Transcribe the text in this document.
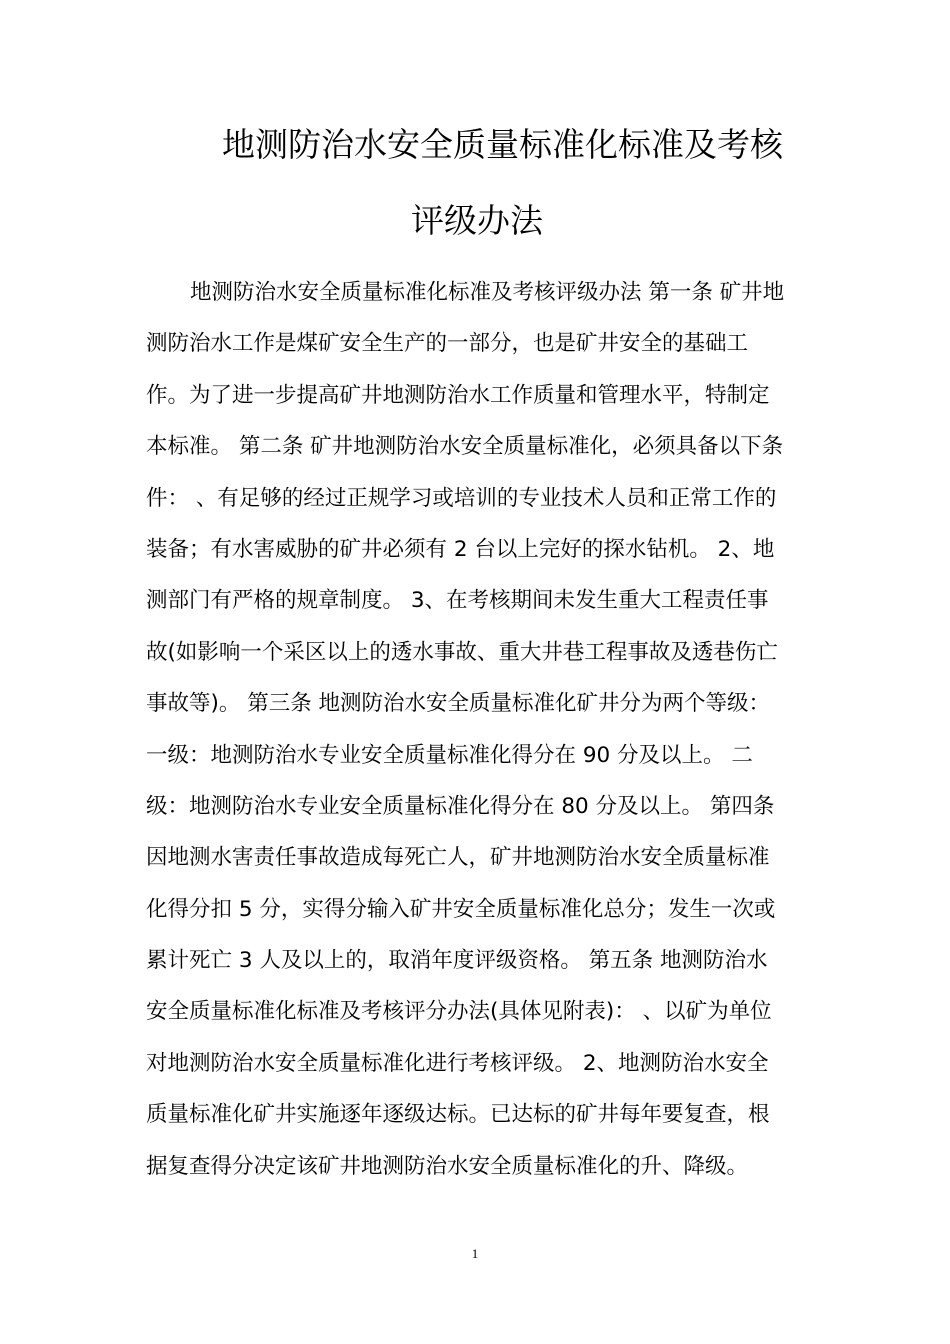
地测防治水安全质量标准化标准及考核
评级办法
地测防治水安全质量标准化标准及考核评级办法 第一条 矿井地
测防治水工作是煤矿安全生产的一部分，也是矿井安全的基础工
作。为了进一步提高矿井地测防治水工作质量和管理水平，特制定
本标准。 第二条 矿井地测防治水安全质量标准化，必须具备以下条
件： 、有足够的经过正规学习或培训的专业技术人员和正常工作的
装备；有水害威胁的矿井必须有 2 台以上完好的探水钻机。 2、地
测部门有严格的规章制度。 3、在考核期间未发生重大工程责任事
故(如影响一个采区以上的透水事故、重大井巷工程事故及透巷伤亡
事故等)。 第三条 地测防治水安全质量标准化矿井分为两个等级：
一级：地测防治水专业安全质量标准化得分在 90 分及以上。 二
级：地测防治水专业安全质量标准化得分在 80 分及以上。 第四条
因地测水害责任事故造成每死亡人，矿井地测防治水安全质量标准
化得分扣 5 分，实得分输入矿井安全质量标准化总分；发生一次或
累计死亡 3 人及以上的，取消年度评级资格。 第五条 地测防治水
安全质量标准化标准及考核评分办法(具体见附表)： 、以矿为单位
对地测防治水安全质量标准化进行考核评级。 2、地测防治水安全
质量标准化矿井实施逐年逐级达标。已达标的矿井每年要复查，根
据复查得分决定该矿井地测防治水安全质量标准化的升、降级。
1
